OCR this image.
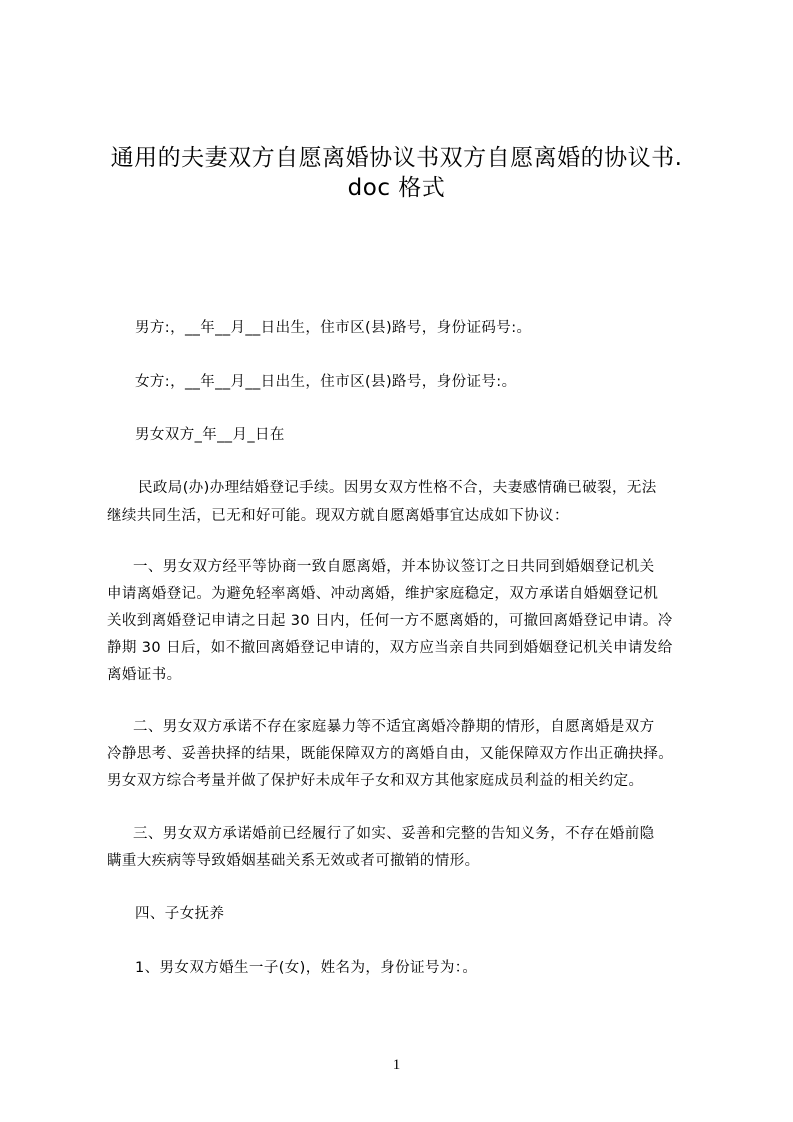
通用的夫妻双方自愿离婚协议书双方自愿离婚的协议书.
doc 格式
男方:，__年__月__日出生，住市区(县)路号，身份证码号:。
女方:，__年__月__日出生，住市区(县)路号，身份证号:。
男女双方_年__月_日在
民政局(办)办理结婚登记手续。因男女双方性格不合，夫妻感情确已破裂，无法
继续共同生活，已无和好可能。现双方就自愿离婚事宜达成如下协议：
一、男女双方经平等协商一致自愿离婚，并本协议签订之日共同到婚姻登记机关
申请离婚登记。为避免轻率离婚、冲动离婚，维护家庭稳定，双方承诺自婚姻登记机
关收到离婚登记申请之日起 30 日内，任何一方不愿离婚的，可撤回离婚登记申请。冷
静期 30 日后，如不撤回离婚登记申请的，双方应当亲自共同到婚姻登记机关申请发给
离婚证书。
二、男女双方承诺不存在家庭暴力等不适宜离婚冷静期的情形，自愿离婚是双方
冷静思考、妥善抉择的结果，既能保障双方的离婚自由，又能保障双方作出正确抉择。
男女双方综合考量并做了保护好未成年子女和双方其他家庭成员利益的相关约定。
三、男女双方承诺婚前已经履行了如实、妥善和完整的告知义务，不存在婚前隐
瞒重大疾病等导致婚姻基础关系无效或者可撤销的情形。
四、子女抚养
1、男女双方婚生一子(女)，姓名为，身份证号为：。
1
